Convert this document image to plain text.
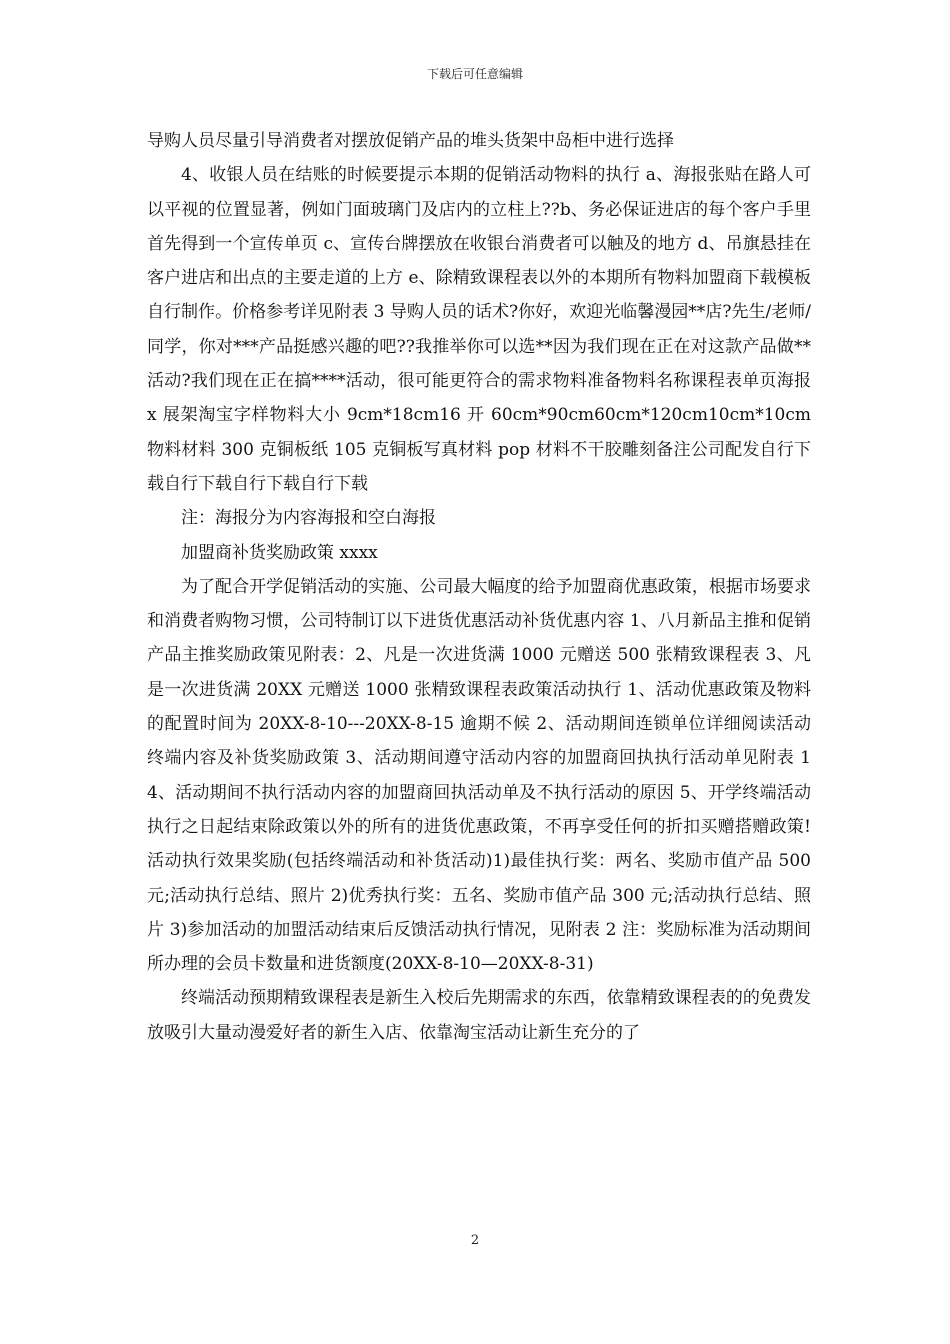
下载后可任意编辑

导购人员尽量引导消费者对摆放促销产品的堆头货架中岛柜中进行选择

4、收银人员在结账的时候要提示本期的促销活动物料的执行 a、海报张贴在路人可以平视的位置显著，例如门面玻璃门及店内的立柱上??b、务必保证进店的每个客户手里首先得到一个宣传单页 c、宣传台牌摆放在收银台消费者可以触及的地方 d、吊旗悬挂在客户进店和出点的主要走道的上方 e、除精致课程表以外的本期所有物料加盟商下载模板自行制作。价格参考详见附表 3 导购人员的话术?你好，欢迎光临馨漫园**店?先生/老师/同学，你对***产品挺感兴趣的吧??我推举你可以选**因为我们现在正在对这款产品做**活动?我们现在正在搞****活动，很可能更符合的需求物料准备物料名称课程表单页海报 x 展架淘宝字样物料大小 9cm*18cm16 开 60cm*90cm60cm*120cm10cm*10cm 物料材料 300 克铜板纸 105 克铜板写真材料 pop 材料不干胶雕刻备注公司配发自行下载自行下载自行下载自行下载

注：海报分为内容海报和空白海报

加盟商补货奖励政策 xxxx

为了配合开学促销活动的实施、公司最大幅度的给予加盟商优惠政策，根据市场要求和消费者购物习惯，公司特制订以下进货优惠活动补货优惠内容 1、八月新品主推和促销产品主推奖励政策见附表：2、凡是一次进货满 1000 元赠送 500 张精致课程表 3、凡是一次进货满 20XX 元赠送 1000 张精致课程表政策活动执行 1、活动优惠政策及物料的配置时间为 20XX-8-10---20XX-8-15 逾期不候 2、活动期间连锁单位详细阅读活动终端内容及补货奖励政策 3、活动期间遵守活动内容的加盟商回执执行活动单见附表 14、活动期间不执行活动内容的加盟商回执活动单及不执行活动的原因 5、开学终端活动执行之日起结束除政策以外的所有的进货优惠政策，不再享受任何的折扣买赠搭赠政策!活动执行效果奖励(包括终端活动和补货活动)1)最佳执行奖：两名、奖励市值产品 500 元;活动执行总结、照片 2)优秀执行奖：五名、奖励市值产品 300 元;活动执行总结、照片 3)参加活动的加盟活动结束后反馈活动执行情况，见附表 2 注：奖励标准为活动期间所办理的会员卡数量和进货额度(20XX-8-10—20XX-8-31)

终端活动预期精致课程表是新生入校后先期需求的东西，依靠精致课程表的的免费发放吸引大量动漫爱好者的新生入店、依靠淘宝活动让新生充分的了

2
